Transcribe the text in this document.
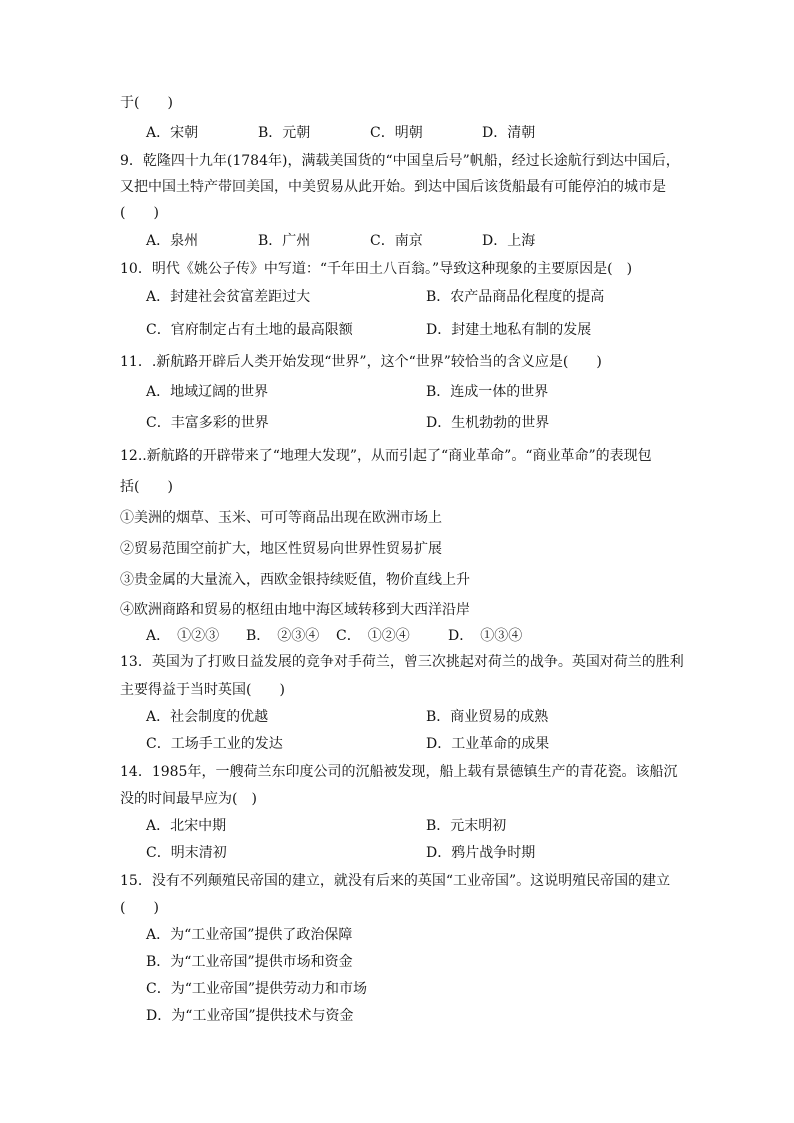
于(　　)
A．宋朝	B．元朝	C．明朝	D．清朝
9．乾隆四十九年(1784年)，满载美国货的“中国皇后号”帆船，经过长途航行到达中国后，
又把中国土特产带回美国，中美贸易从此开始。到达中国后该货船最有可能停泊的城市是
(　　)
A．泉州	B．广州	C．南京	D．上海
10．明代《姚公子传》中写道：“千年田土八百翁。”导致这种现象的主要原因是(　)
A．封建社会贫富差距过大	B．农产品商品化程度的提高
C．官府制定占有土地的最高限额	D．封建土地私有制的发展
11．.新航路开辟后人类开始发现“世界”，这个“世界”较恰当的含义应是(　　)
A．地域辽阔的世界	B．连成一体的世界
C．丰富多彩的世界	D．生机勃勃的世界
12..新航路的开辟带来了“地理大发现”，从而引起了“商业革命”。“商业革命”的表现包
括(　　)
①美洲的烟草、玉米、可可等商品出现在欧洲市场上
②贸易范围空前扩大，地区性贸易向世界性贸易扩展
③贵金属的大量流入，西欧金银持续贬值，物价直线上升
④欧洲商路和贸易的枢纽由地中海区域转移到大西洋沿岸
A．　①②③ B．　②③④ C．　①②④	D．　①③④
13．英国为了打败日益发展的竞争对手荷兰，曾三次挑起对荷兰的战争。英国对荷兰的胜利
主要得益于当时英国(　　)
A．社会制度的优越	B．商业贸易的成熟
C．工场手工业的发达	D．工业革命的成果
14．1985年，一艘荷兰东印度公司的沉船被发现，船上载有景德镇生产的青花瓷。该船沉
没的时间最早应为(　)
A．北宋中期	B．元末明初
C．明末清初	D．鸦片战争时期
15．没有不列颠殖民帝国的建立，就没有后来的英国“工业帝国”。这说明殖民帝国的建立
(　　)
A．为“工业帝国”提供了政治保障
B．为“工业帝国”提供市场和资金
C．为“工业帝国”提供劳动力和市场
D．为“工业帝国”提供技术与资金
